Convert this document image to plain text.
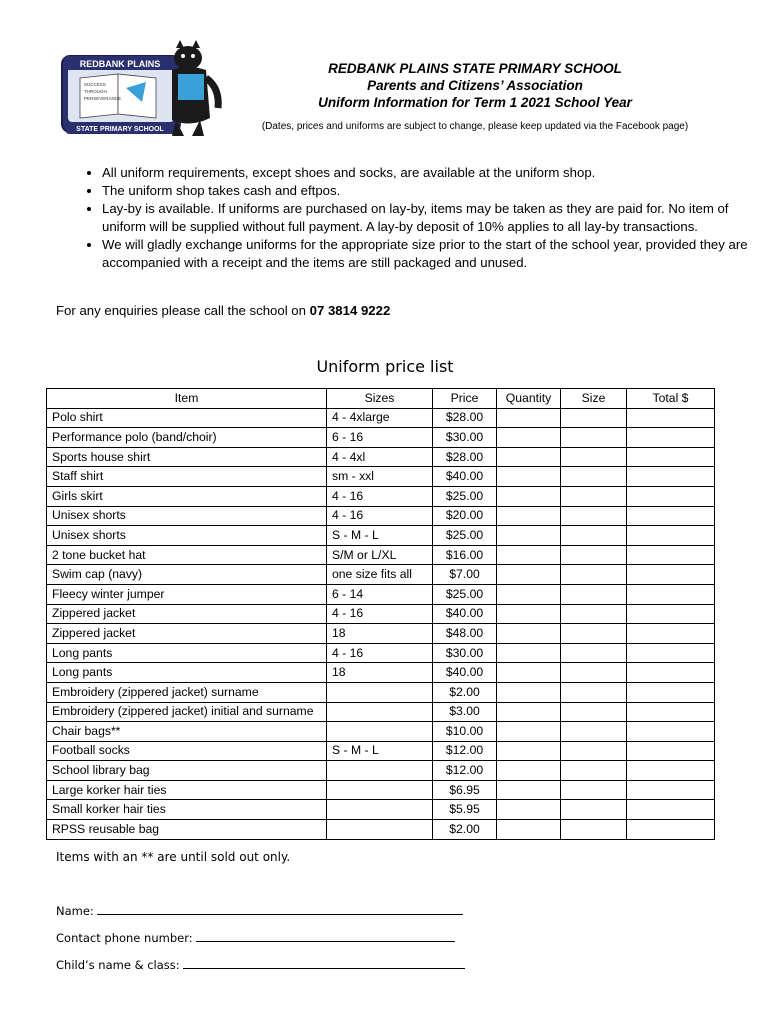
REDBANK PLAINS
SUCCESS
THROUGH
PERSEVERANCE
STATE PRIMARY SCHOOL
REDBANK PLAINS STATE PRIMARY SCHOOL
Parents and Citizens’ Association
Uniform Information for Term 1 2021 School Year
(Dates, prices and uniforms are subject to change, please keep updated via the Facebook page)
• All uniform requirements, except shoes and socks, are available at the uniform shop.
• The uniform shop takes cash and eftpos.
• Lay-by is available. If uniforms are purchased on lay-by, items may be taken as they are paid for. No item of uniform will be supplied without full payment. A lay-by deposit of 10% applies to all lay-by transactions.
• We will gladly exchange uniforms for the appropriate size prior to the start of the school year, provided they are accompanied with a receipt and the items are still packaged and unused.
For any enquiries please call the school on 07 3814 9222
Uniform price list
Item	Sizes	Price	Quantity	Size	Total $
Polo shirt	4 - 4xlarge	$28.00			
Performance polo (band/choir)	6 - 16	$30.00			
Sports house shirt	4 - 4xl	$28.00			
Staff shirt	sm - xxl	$40.00			
Girls skirt	4 - 16	$25.00			
Unisex shorts	4 - 16	$20.00			
Unisex shorts	S - M - L	$25.00			
2 tone bucket hat	S/M or L/XL	$16.00			
Swim cap (navy)	one size fits all	$7.00			
Fleecy winter jumper	6 - 14	$25.00			
Zippered jacket	4 - 16	$40.00			
Zippered jacket	18	$48.00			
Long pants	4 - 16	$30.00			
Long pants	18	$40.00			
Embroidery (zippered jacket) surname		$2.00			
Embroidery (zippered jacket) initial and surname		$3.00			
Chair bags**		$10.00			
Football socks	S - M - L	$12.00			
School library bag		$12.00			
Large korker hair ties		$6.95			
Small korker hair ties		$5.95			
RPSS reusable bag		$2.00			
Items with an ** are until sold out only.
Name:
Contact phone number:
Child’s name & class:
